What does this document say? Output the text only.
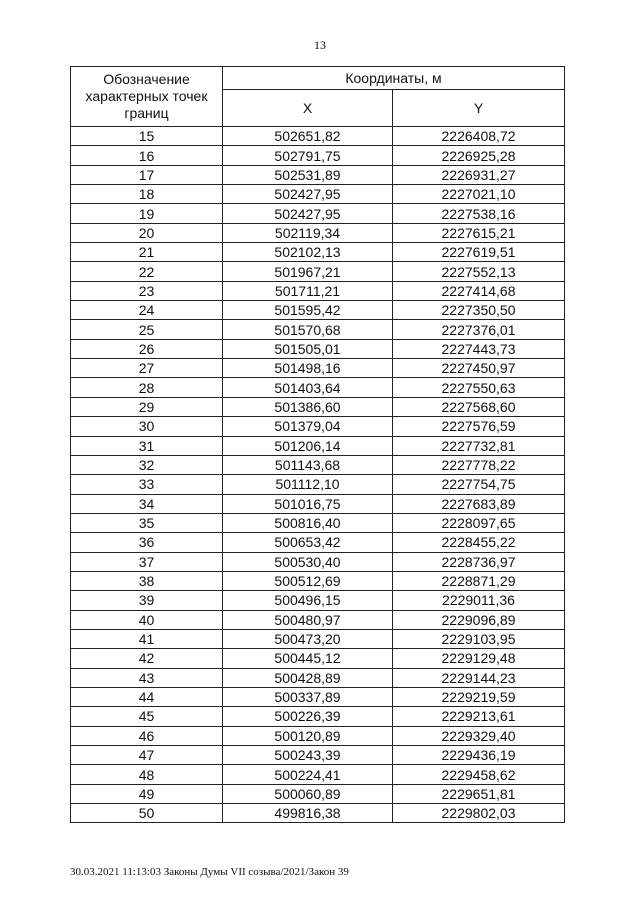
13
Обозначение характерных точек границ	Координаты, м	
	X	Y
15	502651,82	2226408,72
16	502791,75	2226925,28
17	502531,89	2226931,27
18	502427,95	2227021,10
19	502427,95	2227538,16
20	502119,34	2227615,21
21	502102,13	2227619,51
22	501967,21	2227552,13
23	501711,21	2227414,68
24	501595,42	2227350,50
25	501570,68	2227376,01
26	501505,01	2227443,73
27	501498,16	2227450,97
28	501403,64	2227550,63
29	501386,60	2227568,60
30	501379,04	2227576,59
31	501206,14	2227732,81
32	501143,68	2227778,22
33	501112,10	2227754,75
34	501016,75	2227683,89
35	500816,40	2228097,65
36	500653,42	2228455,22
37	500530,40	2228736,97
38	500512,69	2228871,29
39	500496,15	2229011,36
40	500480,97	2229096,89
41	500473,20	2229103,95
42	500445,12	2229129,48
43	500428,89	2229144,23
44	500337,89	2229219,59
45	500226,39	2229213,61
46	500120,89	2229329,40
47	500243,39	2229436,19
48	500224,41	2229458,62
49	500060,89	2229651,81
50	499816,38	2229802,03
30.03.2021 11:13:03 Законы Думы VII созыва/2021/Закон 39
